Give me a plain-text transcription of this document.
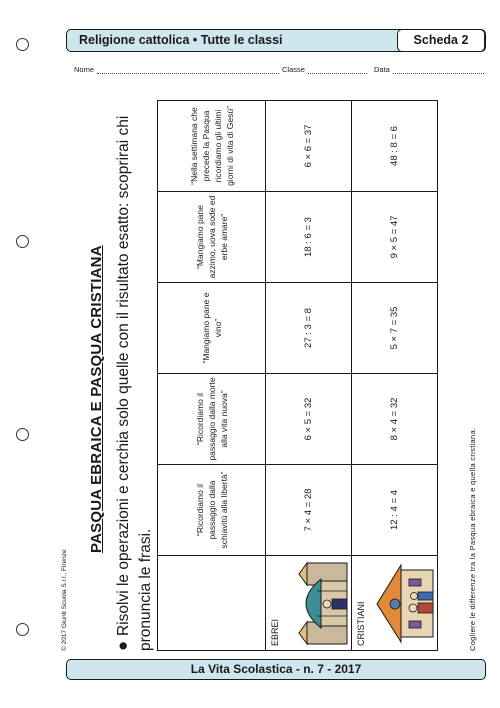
Religione cattolica • Tutte le classi	Scheda 2
Nome	Classe	Data
© 2017 Giunti Scuola S.r.l., Firenze
PASQUA EBRAICA E PASQUA CRISTIANA
● Risolvi le operazioni e cerchia solo quelle con il risultato esatto: scoprirai chi pronuncia le frasi.
	“Ricordiamo il passaggio dalla schiavitù alla libertà”	“Ricordiamo il passaggio dalla morte alla vita nuova”	“Mangiamo pane e vino”	“Mangiamo pane azzimo, uova sode ed erbe amare”	“Nella settimana che precede la Pasqua ricordiamo gli ultimi giorni di vita di Gesù”

EBREI	7 × 4 = 28	6 × 5 = 32	27 : 3 = 8	18 : 6 = 3	6 × 6 = 37

CRISTIANI	12 : 4 = 4	8 × 4 = 32	5 × 7 = 35	9 × 5 = 47	48 : 8 = 6
Cogliere le differenze tra la Pasqua ebraica e quella cristiana.
La Vita Scolastica - n. 7 - 2017
